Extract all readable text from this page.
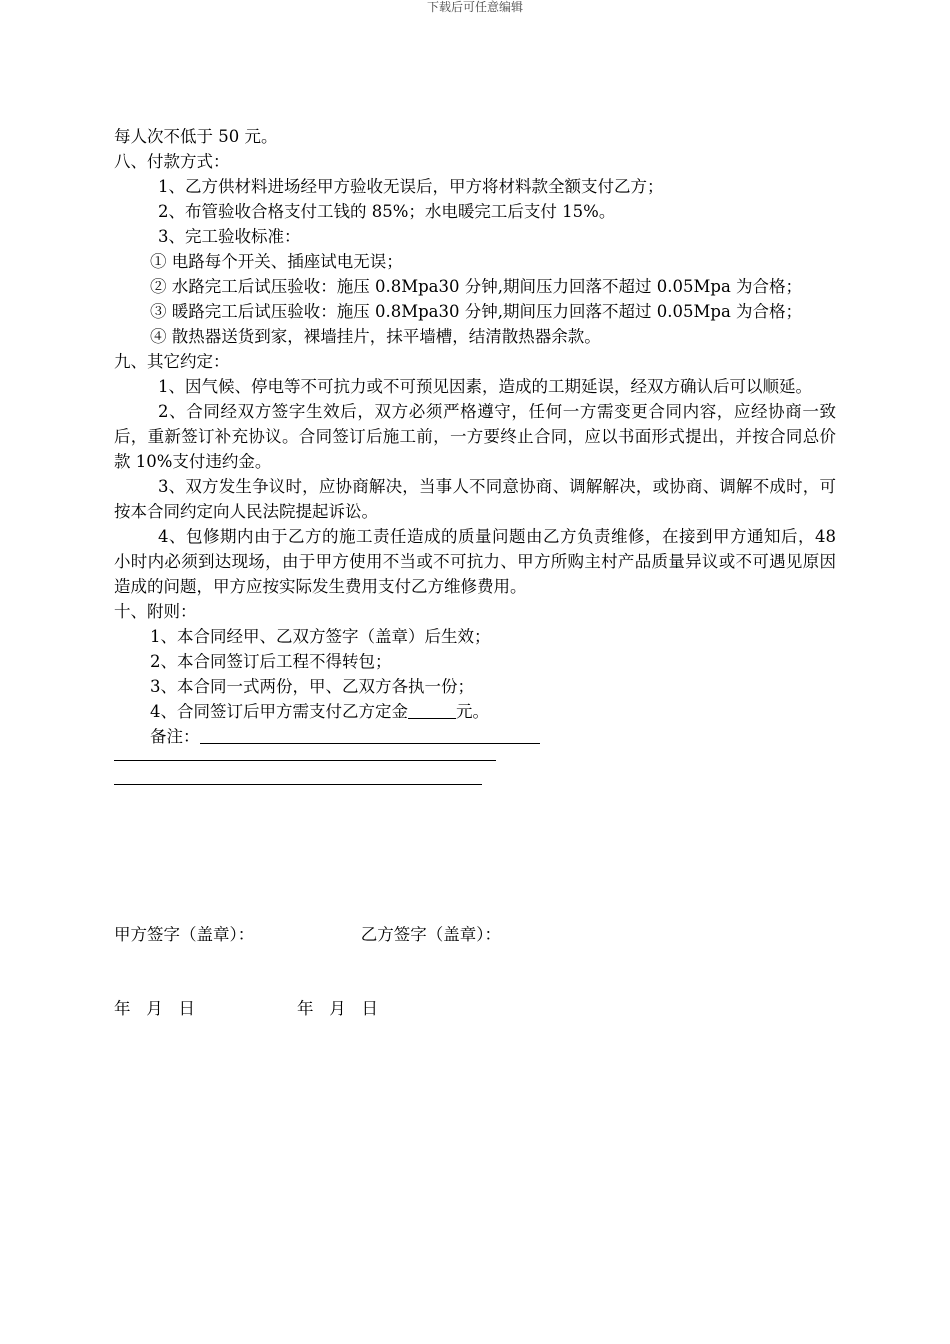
下载后可任意编辑

每人次不低于 50 元。

八、付款方式：

1、乙方供材料进场经甲方验收无误后，甲方将材料款全额支付乙方；

2、布管验收合格支付工钱的 85%；水电暖完工后支付 15%。

3、完工验收标准：

① 电路每个开关、插座试电无误；

② 水路完工后试压验收：施压 0.8Mpa30 分钟,期间压力回落不超过 0.05Mpa 为合格；

③ 暖路完工后试压验收：施压 0.8Mpa30 分钟,期间压力回落不超过 0.05Mpa 为合格；

④ 散热器送货到家，裸墙挂片，抹平墙槽，结清散热器余款。

九、其它约定：

1、因气候、停电等不可抗力或不可预见因素，造成的工期延误，经双方确认后可以顺延。

2、合同经双方签字生效后，双方必须严格遵守，任何一方需变更合同内容，应经协商一致后，重新签订补充协议。合同签订后施工前，一方要终止合同，应以书面形式提出，并按合同总价款 10%支付违约金。

3、双方发生争议时，应协商解决，当事人不同意协商、调解解决，或协商、调解不成时，可按本合同约定向人民法院提起诉讼。

4、包修期内由于乙方的施工责任造成的质量问题由乙方负责维修，在接到甲方通知后，48 小时内必须到达现场，由于甲方使用不当或不可抗力、甲方所购主村产品质量异议或不可遇见原因造成的问题，甲方应按实际发生费用支付乙方维修费用。

十、附则：

1、本合同经甲、乙双方签字（盖章）后生效；

2、本合同签订后工程不得转包；

3、本合同一式两份，甲、乙双方各执一份；

4、合同签订后甲方需支付乙方定金	元。

备注：

甲方签字（盖章）：	乙方签字（盖章）：
年   月   日	年   月   日
